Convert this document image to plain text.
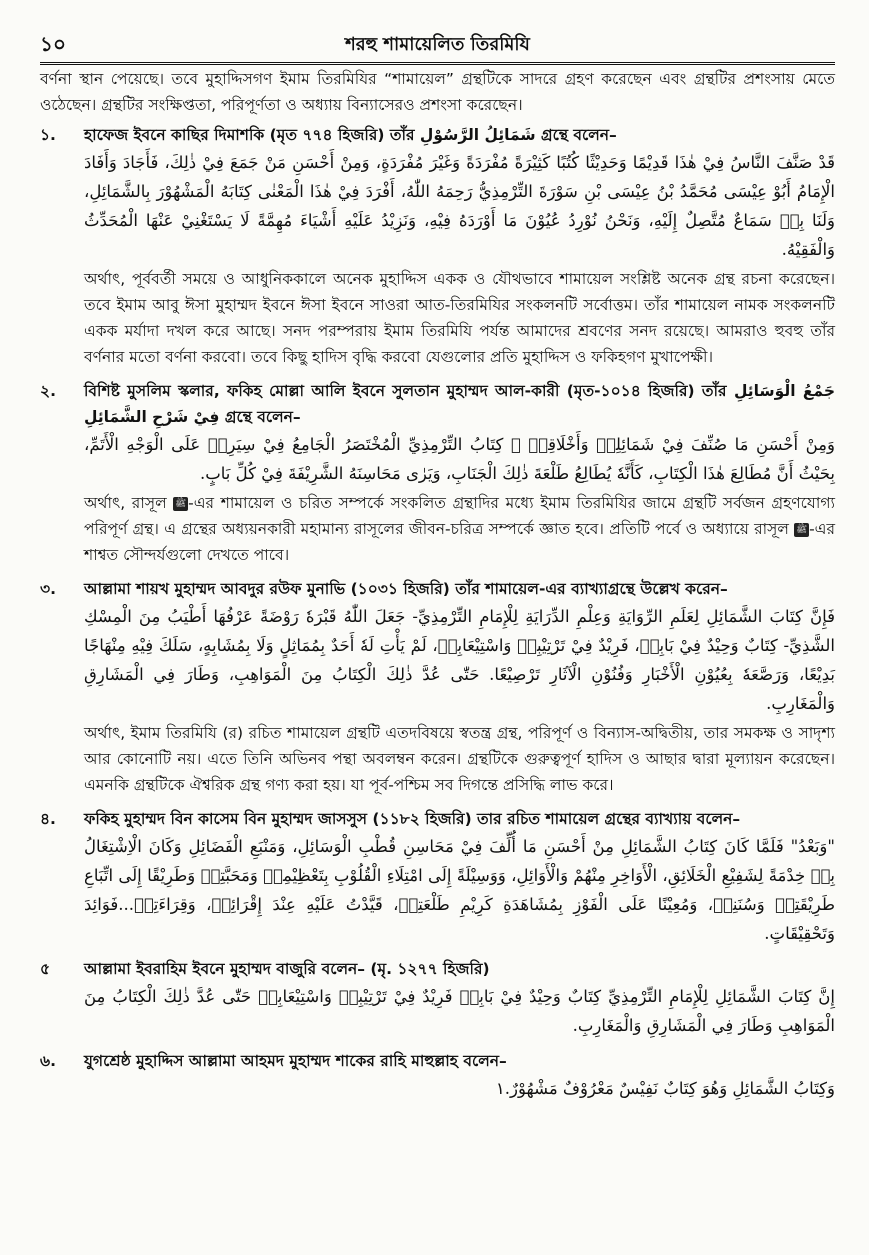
১০	শরহু শামায়েলিত তিরমিযি

বর্ণনা স্থান পেয়েছে। তবে মুহাদ্দিসগণ ইমাম তিরমিযির “শামায়েল” গ্রন্থটিকে সাদরে গ্রহণ করেছেন এবং গ্রন্থটির প্রশংসায় মেতে ওঠেছেন। গ্রন্থটির সংক্ষিপ্ততা, পরিপূর্ণতা ও অধ্যায় বিন্যাসেরও প্রশংসা করেছেন।

১. হাফেজ ইবনে কাছির দিমাশকি (মৃত ৭৭৪ হিজরি) তাঁর شَمَائِلُ الرَّسُوْلِ গ্রন্থে বলেন–

قَدْ صَنَّفَ النَّاسُ فِيْ هٰذَا قَدِيْمًا وَحَدِيْثًا كُتُبًا كَثِيْرَةً مُفْرَدَةً وَغَيْرَ مُفْرَدَةٍ، وَمِنْ أَحْسَنِ مَنْ جَمَعَ فِيْ ذٰلِكَ، فَأَجَادَ وَأَفَادَ الْإِمَامُ أَبُوْ عِيْسَى مُحَمَّدُ بْنُ عِيْسَى بْنِ سَوْرَةَ التِّرْمِذِيُّ رَحِمَهُ اللّٰهُ، أَفْرَدَ فِيْ هٰذَا الْمَعْنٰى كِتَابَهُ الْمَشْهُوْرَ بِالشَّمَائِلِ، وَلَنَا بِهٖ سَمَاعٌ مُتَّصِلٌ إِلَيْهِ، وَنَحْنُ نُوْرِدُ عُيُوْنَ مَا أَوْرَدَهُ فِيْهِ، وَنَزِيْدُ عَلَيْهِ أَشْيَاءَ مُهِمَّةً لَا يَسْتَغْنِيْ عَنْهَا الْمُحَدِّثُ وَالْفَقِيْهُ.

অর্থাৎ, পূর্ববর্তী সময়ে ও আধুনিককালে অনেক মুহাদ্দিস একক ও যৌথভাবে শামায়েল সংশ্লিষ্ট অনেক গ্রন্থ রচনা করেছেন। তবে ইমাম আবু ঈসা মুহাম্মদ ইবনে ঈসা ইবনে সাওরা আত-তিরমিযির সংকলনটি সর্বোত্তম। তাঁর শামায়েল নামক সংকলনটি একক মর্যাদা দখল করে আছে। সনদ পরম্পরায় ইমাম তিরমিযি পর্যন্ত আমাদের শ্রবণের সনদ রয়েছে। আমরাও হুবহু তাঁর বর্ণনার মতো বর্ণনা করবো। তবে কিছু হাদিস বৃদ্ধি করবো যেগুলোর প্রতি মুহাদ্দিস ও ফকিহগণ মুখাপেক্ষী।

২. বিশিষ্ট মুসলিম স্কলার, ফকিহ মোল্লা আলি ইবনে সুলতান মুহাম্মদ আল-কারী (মৃত-১০১৪ হিজরি) তাঁর جَمْعُ الْوَسَائِلِ فِيْ شَرْحِ الشَّمَائِلِ গ্রন্থে বলেন–

وَمِنْ أَحْسَنِ مَا صُنِّفَ فِيْ شَمَائِلِهٖ وَأَخْلَاقِهٖ ﷺ كِتَابُ التِّرْمِذِيِّ الْمُخْتَصَرُ الْجَامِعُ فِيْ سِيَرِهٖ عَلَى الْوَجْهِ الْأَتَمِّ، بِحَيْثُ أَنَّ مُطَالِعَ هٰذَا الْكِتَابِ، كَأَنَّهٗ يُطَالِعُ طَلْعَةَ ذٰلِكَ الْجَنَابِ، وَيَرٰى مَحَاسِنَهُ الشَّرِيْفَةَ فِيْ كُلِّ بَابٍ.

অর্থাৎ, রাসূল ﷺ -এর শামায়েল ও চরিত সম্পর্কে সংকলিত গ্রন্থাদির মধ্যে ইমাম তিরমিযির জামে গ্রন্থটি সর্বজন গ্রহণযোগ্য পরিপূর্ণ গ্রন্থ। এ গ্রন্থের অধ্যয়নকারী মহামান্য রাসূলের জীবন-চরিত্র সম্পর্কে জ্ঞাত হবে। প্রতিটি পর্বে ও অধ্যায়ে রাসূল ﷺ -এর শাশ্বত সৌন্দর্যগুলো দেখতে পাবে।

৩. আল্লামা শায়খ মুহাম্মদ আবদুর রউফ মুনাভি (১০৩১ হিজরি) তাঁর শামায়েল-এর ব্যাখ্যাগ্রন্থে উল্লেখ করেন–

فَإِنَّ كِتَابَ الشَّمَائِلِ لِعَلَمِ الرِّوَايَةِ وَعِلْمِ الدِّرَايَةِ لِلْإِمَامِ التِّرْمِذِيِّ- جَعَلَ اللّٰهُ قَبْرَهٗ رَوْضَةً عَرْفُهَا أَطْيَبُ مِنَ الْمِسْكِ الشَّذِيِّ- كِتَابٌ وَحِيْدٌ فِيْ بَابِهٖ، فَرِيْدٌ فِيْ تَرْتِيْبِهٖ وَاسْتِيْعَابِهٖ، لَمْ يَأْتِ لَهٗ أَحَدٌ بِمُمَاثِلٍ وَلَا بِمُشَابِهٍ، سَلَكَ فِيْهِ مِنْهَاجًا بَدِيْعًا، وَرَصَّعَهٗ بِعُيُوْنِ الْأَخْبَارِ وَفُنُوْنِ الْآثَارِ تَرْصِيْعًا. حَتّٰى عُدَّ ذٰلِكَ الْكِتَابُ مِنَ الْمَوَاهِبِ، وَطَارَ فِي الْمَشَارِقِ وَالْمَغَارِبِ.

অর্থাৎ, ইমাম তিরমিযি (র) রচিত শামায়েল গ্রন্থটি এতদবিষয়ে স্বতন্ত্র গ্রন্থ, পরিপূর্ণ ও বিন্যাস-অদ্বিতীয়, তার সমকক্ষ ও সাদৃশ্য আর কোনোটি নয়। এতে তিনি অভিনব পন্থা অবলম্বন করেন। গ্রন্থটিকে গুরুত্বপূর্ণ হাদিস ও আছার দ্বারা মূল্যায়ন করেছেন। এমনকি গ্রন্থটিকে ঐশ্বরিক গ্রন্থ গণ্য করা হয়। যা পূর্ব-পশ্চিম সব দিগন্তে প্রসিদ্ধি লাভ করে।

৪. ফকিহ মুহাম্মদ বিন কাসেম বিন মুহাম্মদ জাসসুস (১১৮২ হিজরি) তার রচিত শামায়েল গ্রন্থের ব্যাখ্যায় বলেন–

"وَبَعْدُ" فَلَمَّا كَانَ كِتَابُ الشَّمَائِلِ مِنْ أَحْسَنِ مَا أُلِّفَ فِيْ مَحَاسِنِ قُطْبِ الْوَسَائِلِ، وَمَنْبَعِ الْفَضَائِلِ وَكَانَ الْاِشْتِغَالُ بِهٖ خِدْمَةً لِشَفِيْعِ الْخَلَائِقِ، الْأَوَاخِرِ مِنْهُمْ وَالْأَوَائِلِ، وَوَسِيْلَةً إِلَى امْتِلَاءِ الْقُلُوْبِ بِتَعْظِيْمِهٖ وَمَحَبَّتِهٖ وَطَرِيْقًا إِلَى اتِّبَاعِ طَرِيْقَتِهٖ وَسُنَنِهٖ، وَمُعِيْنًا عَلَى الْفَوْزِ بِمُشَاهَدَةِ كَرِيْمِ طَلْعَتِهٖ، قَيَّدْتُ عَلَيْهِ عِنْدَ إِقْرَائِهٖ، وَقِرَاءَتِهٖ...فَوَائِدَ وَتَحْقِيْقَاتٍ.

৫ আল্লামা ইবরাহিম ইবনে মুহাম্মদ বাজুরি বলেন– (মৃ. ১২৭৭ হিজরি)

إِنَّ كِتَابَ الشَّمَائِلِ لِلْإِمَامِ التِّرْمِذِيِّ كِتَابٌ وَحِيْدٌ فِيْ بَابِهٖ فَرِيْدٌ فِيْ تَرْتِيْبِهٖ وَاسْتِيْعَابِهٖ حَتّٰى عُدَّ ذٰلِكَ الْكِتَابُ مِنَ الْمَوَاهِبِ وَطَارَ فِي الْمَشَارِقِ وَالْمَغَارِبِ.

৬. যুগশ্রেষ্ঠ মুহাদ্দিস আল্লামা আহমদ মুহাম্মদ শাকের রাহি মাহুল্লাহ বলেন–

وَكِتَابُ الشَّمَائِلِ وَهُوَ كِتَابٌ نَفِيْسٌ مَعْرُوْفٌ مَشْهُوْرٌ.١
